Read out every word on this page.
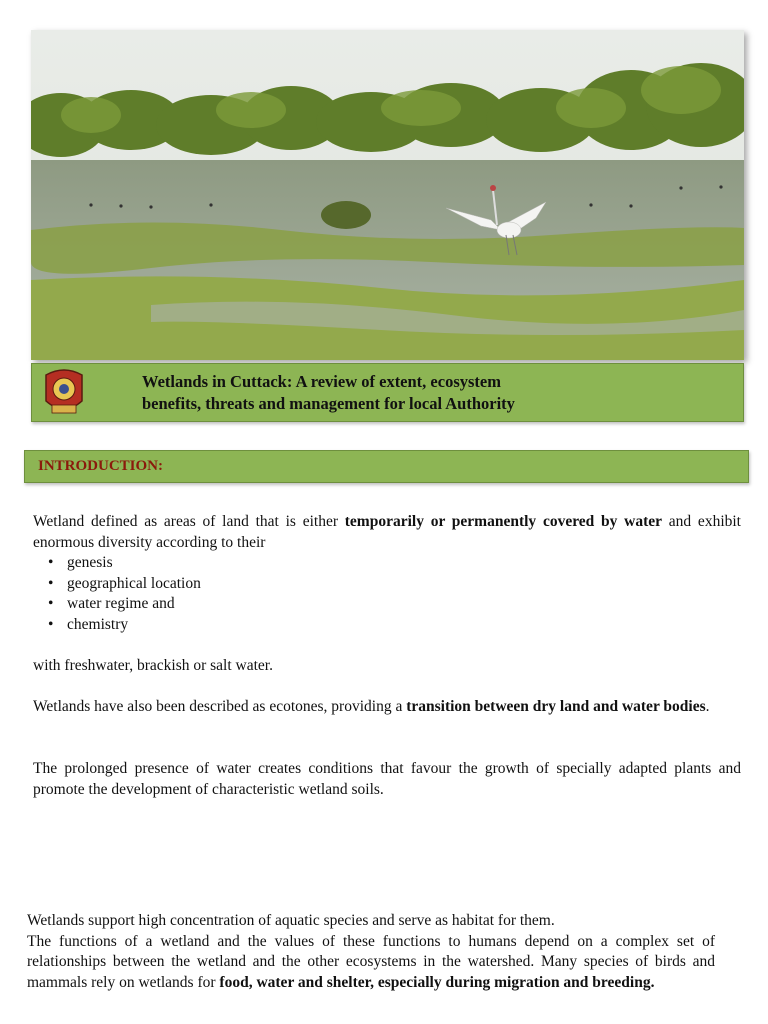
Wetlands in Cuttack: A review of extent, ecosystem
benefits, threats and management for local Authority
INTRODUCTION:

Wetland defined as areas of land that is either temporarily or permanently covered by water and exhibit enormous diversity according to their

• genesis
• geographical location
• water regime and
• chemistry

with freshwater, brackish or salt water.

Wetlands have also been described as ecotones, providing a transition between dry land and water bodies.

The prolonged presence of water creates conditions that favour the growth of specially adapted plants and promote the development of characteristic wetland soils.

Wetlands support high concentration of aquatic species and serve as habitat for them.

The functions of a wetland and the values of these functions to humans depend on a complex set of relationships between the wetland and the other ecosystems in the watershed. Many species of birds and mammals rely on wetlands for food, water and shelter, especially during migration and breeding.
